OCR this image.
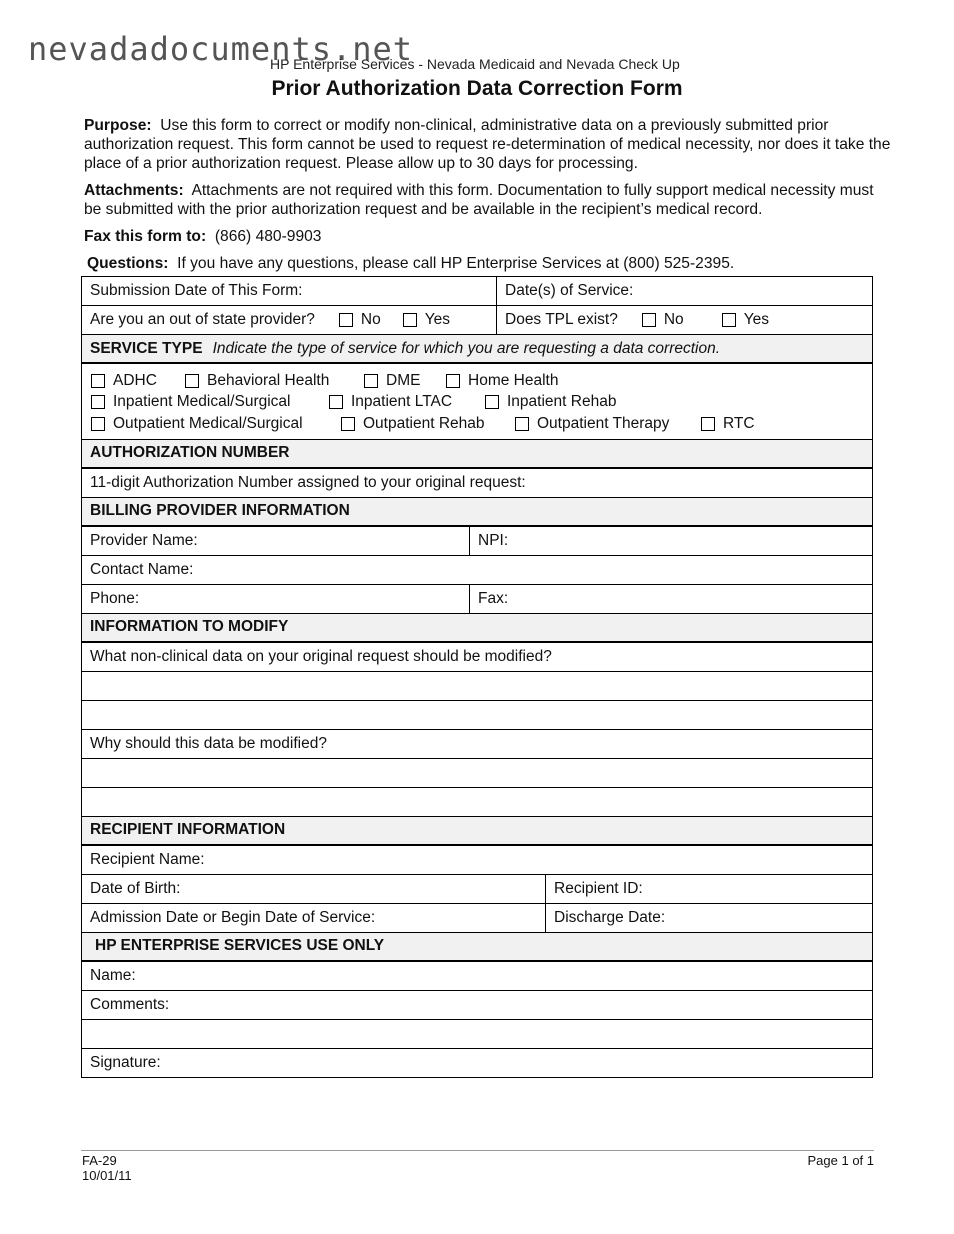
nevadadocuments.net
HP Enterprise Services - Nevada Medicaid and Nevada Check Up
Prior Authorization Data Correction Form
Purpose: Use this form to correct or modify non-clinical, administrative data on a previously submitted prior authorization request. This form cannot be used to request re-determination of medical necessity, nor does it take the place of a prior authorization request. Please allow up to 30 days for processing.
Attachments: Attachments are not required with this form. Documentation to fully support medical necessity must be submitted with the prior authorization request and be available in the recipient’s medical record.
Fax this form to: (866) 480-9903
Questions: If you have any questions, please call HP Enterprise Services at (800) 525-2395.
Submission Date of This Form:	Date(s) of Service:
Are you an out of state provider?	No	Yes	Does TPL exist?	No	Yes
SERVICE TYPE Indicate the type of service for which you are requesting a data correction.
ADHC	Behavioral Health	DME	Home Health
Inpatient Medical/Surgical	Inpatient LTAC	Inpatient Rehab
Outpatient Medical/Surgical	Outpatient Rehab	Outpatient Therapy	RTC
AUTHORIZATION NUMBER
11-digit Authorization Number assigned to your original request:
BILLING PROVIDER INFORMATION
Provider Name:	NPI:
Contact Name:
Phone:	Fax:
INFORMATION TO MODIFY
What non-clinical data on your original request should be modified?
Why should this data be modified?
RECIPIENT INFORMATION
Recipient Name:
Date of Birth:	Recipient ID:
Admission Date or Begin Date of Service:	Discharge Date:
HP ENTERPRISE SERVICES USE ONLY
Name:
Comments:
Signature:
FA-29
10/01/11
Page 1 of 1
